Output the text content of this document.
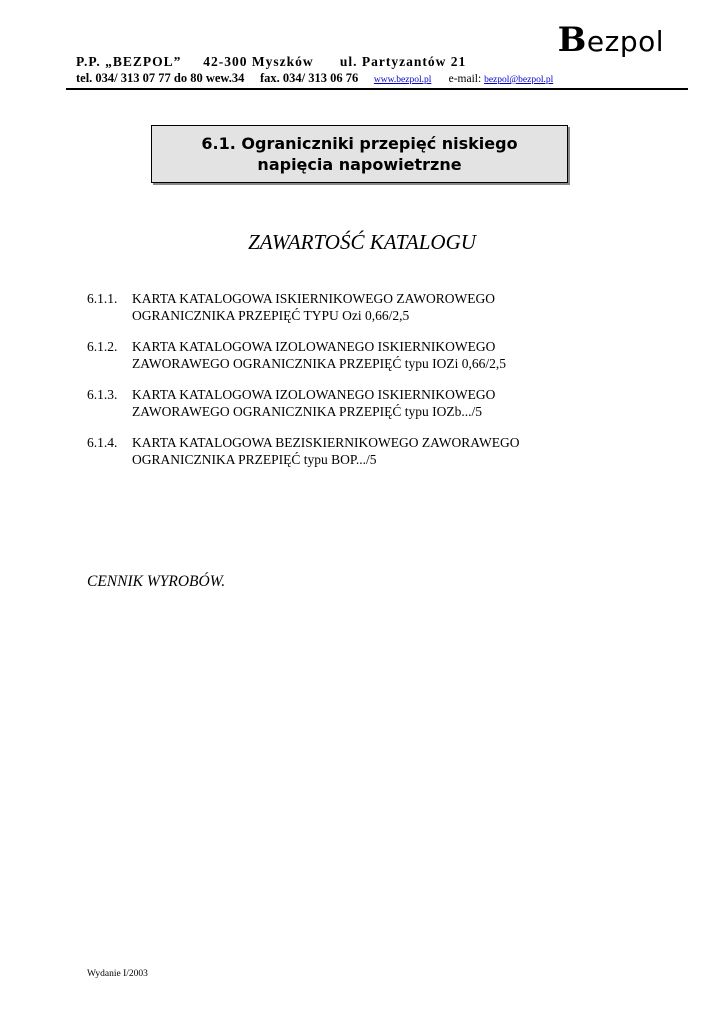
Bezpol
P.P. „BEZPOL”     42-300 Myszków      ul. Partyzantów 21
tel. 034/ 313 07 77 do 80 wew.34     fax. 034/ 313 06 76     www.bezpol.pl e-mail: bezpol@bezpol.pl
6.1. Ograniczniki przepięć niskiego
napięcia napowietrzne
ZAWARTOŚĆ KATALOGU
6.1.1.	KARTA KATALOGOWA ISKIERNIKOWEGO ZAWOROWEGO
OGRANICZNIKA PRZEPIĘĆ TYPU Ozi 0,66/2,5
6.1.2.	KARTA KATALOGOWA IZOLOWANEGO ISKIERNIKOWEGO
ZAWORAWEGO OGRANICZNIKA PRZEPIĘĆ typu IOZi 0,66/2,5
6.1.3.	KARTA KATALOGOWA IZOLOWANEGO ISKIERNIKOWEGO
ZAWORAWEGO OGRANICZNIKA PRZEPIĘĆ typu IOZb.../5
6.1.4.	KARTA KATALOGOWA BEZISKIERNIKOWEGO ZAWORAWEGO
OGRANICZNIKA PRZEPIĘĆ typu BOP.../5
CENNIK WYROBÓW.
Wydanie I/2003
